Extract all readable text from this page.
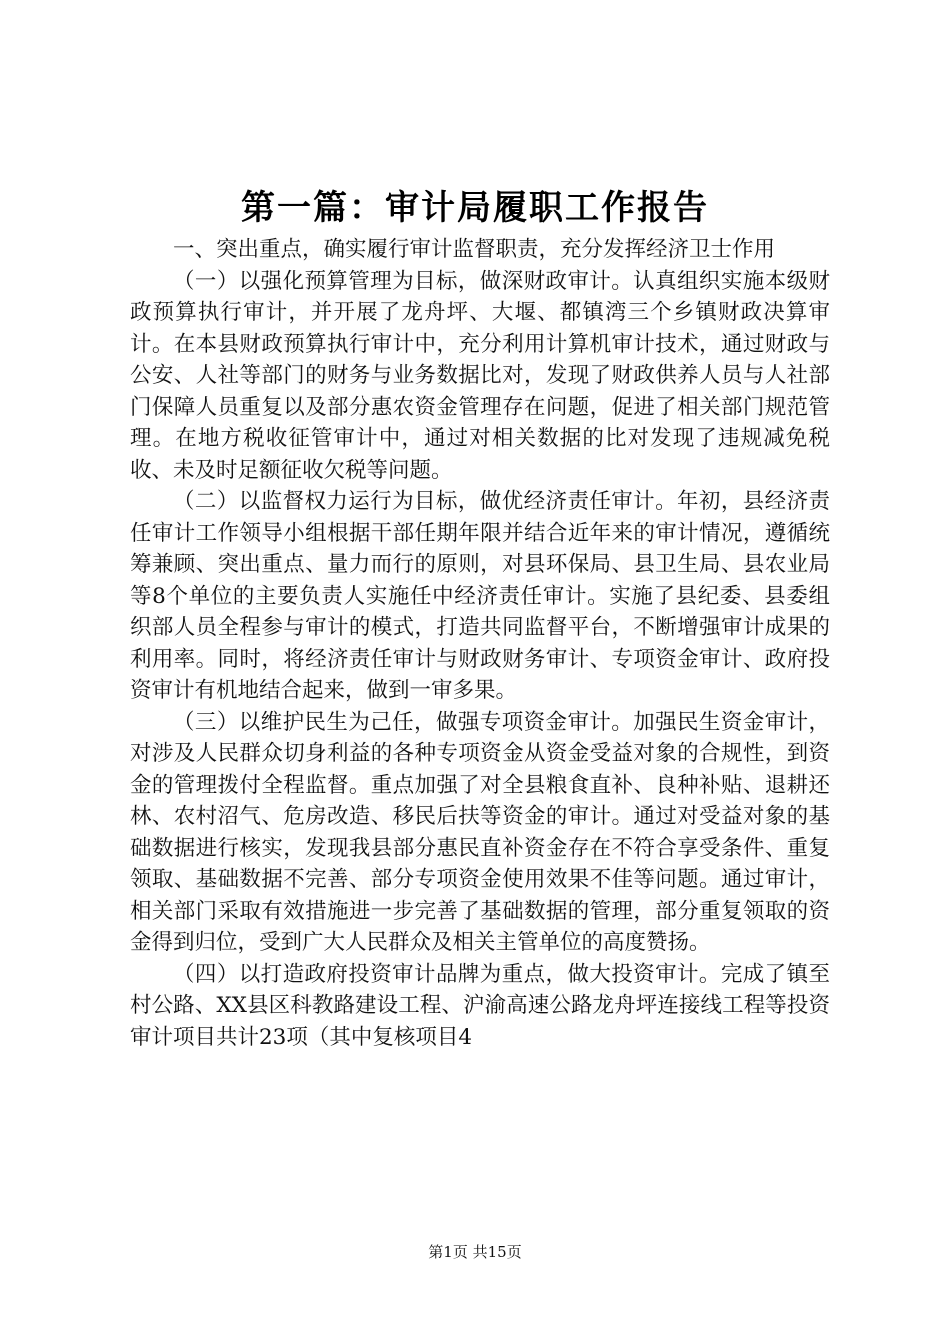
第一篇：审计局履职工作报告

一、突出重点，确实履行审计监督职责，充分发挥经济卫士作用

（一）以强化预算管理为目标，做深财政审计。认真组织实施本级财政预算执行审计，并开展了龙舟坪、大堰、都镇湾三个乡镇财政决算审计。在本县财政预算执行审计中，充分利用计算机审计技术，通过财政与公安、人社等部门的财务与业务数据比对，发现了财政供养人员与人社部门保障人员重复以及部分惠农资金管理存在问题，促进了相关部门规范管理。在地方税收征管审计中，通过对相关数据的比对发现了违规减免税收、未及时足额征收欠税等问题。

（二）以监督权力运行为目标，做优经济责任审计。年初，县经济责任审计工作领导小组根据干部任期年限并结合近年来的审计情况，遵循统筹兼顾、突出重点、量力而行的原则，对县环保局、县卫生局、县农业局等8个单位的主要负责人实施任中经济责任审计。实施了县纪委、县委组织部人员全程参与审计的模式，打造共同监督平台，不断增强审计成果的利用率。同时，将经济责任审计与财政财务审计、专项资金审计、政府投资审计有机地结合起来，做到一审多果。

（三）以维护民生为己任，做强专项资金审计。加强民生资金审计，对涉及人民群众切身利益的各种专项资金从资金受益对象的合规性，到资金的管理拨付全程监督。重点加强了对全县粮食直补、良种补贴、退耕还林、农村沼气、危房改造、移民后扶等资金的审计。通过对受益对象的基础数据进行核实，发现我县部分惠民直补资金存在不符合享受条件、重复领取、基础数据不完善、部分专项资金使用效果不佳等问题。通过审计，相关部门采取有效措施进一步完善了基础数据的管理，部分重复领取的资金得到归位，受到广大人民群众及相关主管单位的高度赞扬。

（四）以打造政府投资审计品牌为重点，做大投资审计。完成了镇至村公路、XX县区科教路建设工程、沪渝高速公路龙舟坪连接线工程等投资审计项目共计23项（其中复核项目4

第1页 共15页
